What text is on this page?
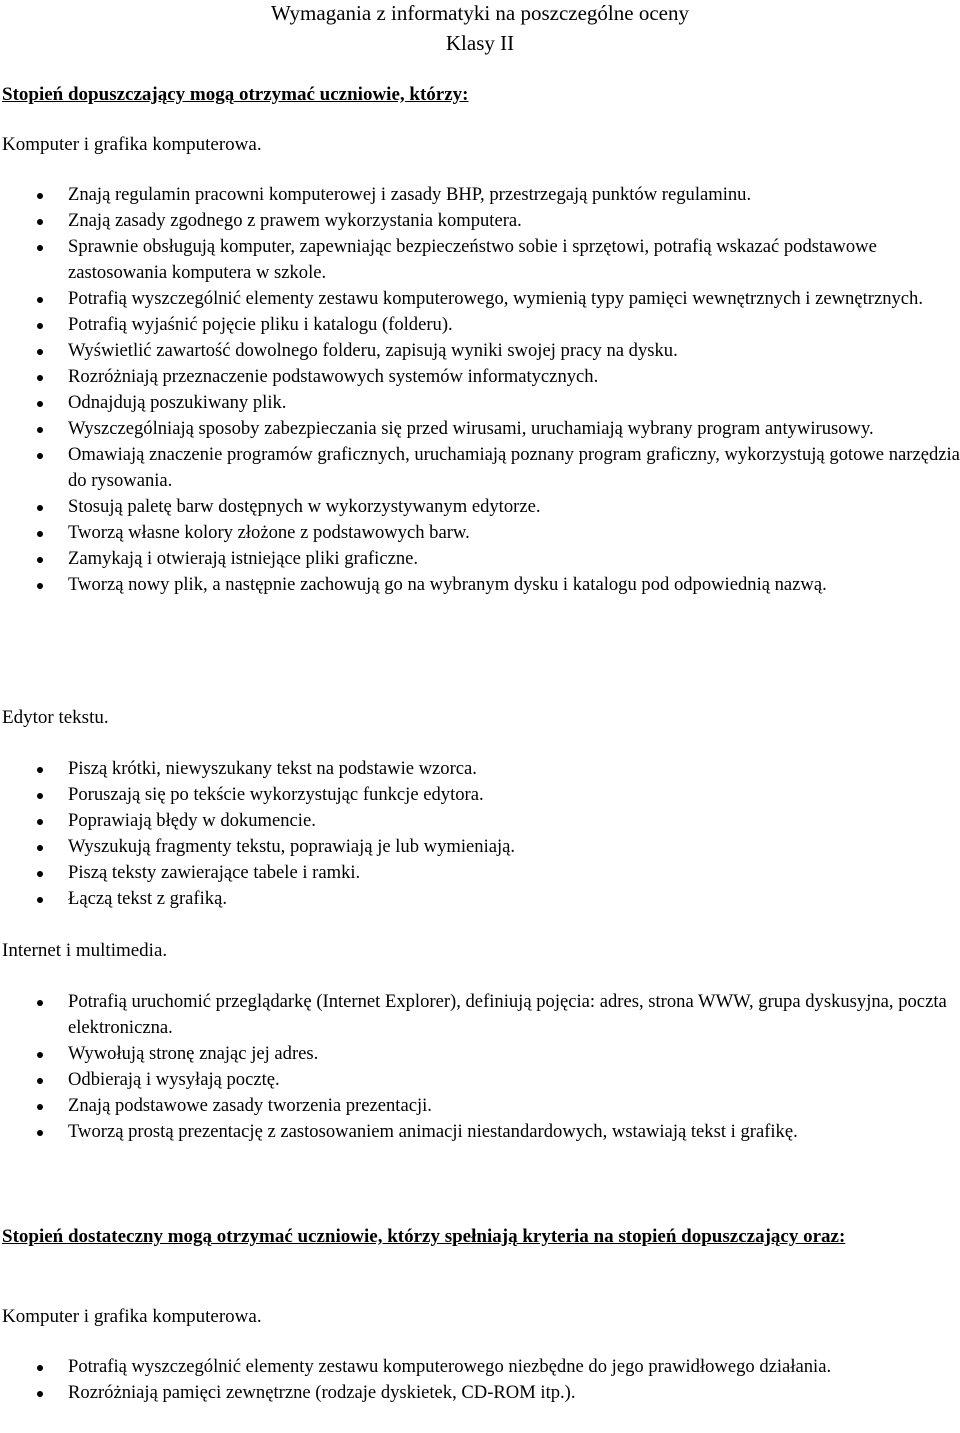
Wymagania z informatyki na poszczególne oceny
Klasy II
Stopień dopuszczający mogą otrzymać uczniowie, którzy:
Komputer i grafika komputerowa.
Znają regulamin pracowni komputerowej i zasady BHP, przestrzegają punktów regulaminu.
Znają zasady zgodnego z prawem wykorzystania komputera.
Sprawnie obsługują komputer, zapewniając bezpieczeństwo sobie i sprzętowi, potrafią wskazać podstawowe zastosowania komputera w szkole.
Potrafią wyszczególnić elementy zestawu komputerowego, wymienią typy pamięci wewnętrznych i zewnętrznych.
Potrafią wyjaśnić pojęcie pliku i katalogu (folderu).
Wyświetlić zawartość dowolnego folderu, zapisują wyniki swojej pracy na dysku.
Rozróżniają przeznaczenie podstawowych systemów informatycznych.
Odnajdują poszukiwany plik.
Wyszczególniają sposoby zabezpieczania się przed wirusami, uruchamiają wybrany program antywirusowy.
Omawiają znaczenie programów graficznych, uruchamiają poznany program graficzny, wykorzystują gotowe narzędzia do rysowania.
Stosują paletę barw dostępnych w wykorzystywanym edytorze.
Tworzą własne kolory złożone z podstawowych barw.
Zamykają i otwierają istniejące pliki graficzne.
Tworzą nowy plik, a następnie zachowują go na wybranym dysku i katalogu pod odpowiednią nazwą.
Edytor tekstu.
Piszą krótki, niewyszukany tekst na podstawie wzorca.
Poruszają się po tekście wykorzystując funkcje edytora.
Poprawiają błędy w dokumencie.
Wyszukują fragmenty tekstu, poprawiają je lub wymieniają.
Piszą teksty zawierające tabele i ramki.
Łączą tekst z grafiką.
Internet i multimedia.
Potrafią uruchomić przeglądarkę (Internet Explorer), definiują pojęcia: adres, strona WWW, grupa dyskusyjna, poczta elektroniczna.
Wywołują stronę znając jej adres.
Odbierają i wysyłają pocztę.
Znają podstawowe zasady tworzenia prezentacji.
Tworzą prostą prezentację z zastosowaniem animacji niestandardowych, wstawiają tekst i grafikę.
Stopień dostateczny mogą otrzymać uczniowie, którzy spełniają kryteria na stopień dopuszczający oraz:
Komputer i grafika komputerowa.
Potrafią wyszczególnić elementy zestawu komputerowego niezbędne do jego prawidłowego działania.
Rozróżniają pamięci zewnętrzne (rodzaje dyskietek, CD-ROM itp.).
